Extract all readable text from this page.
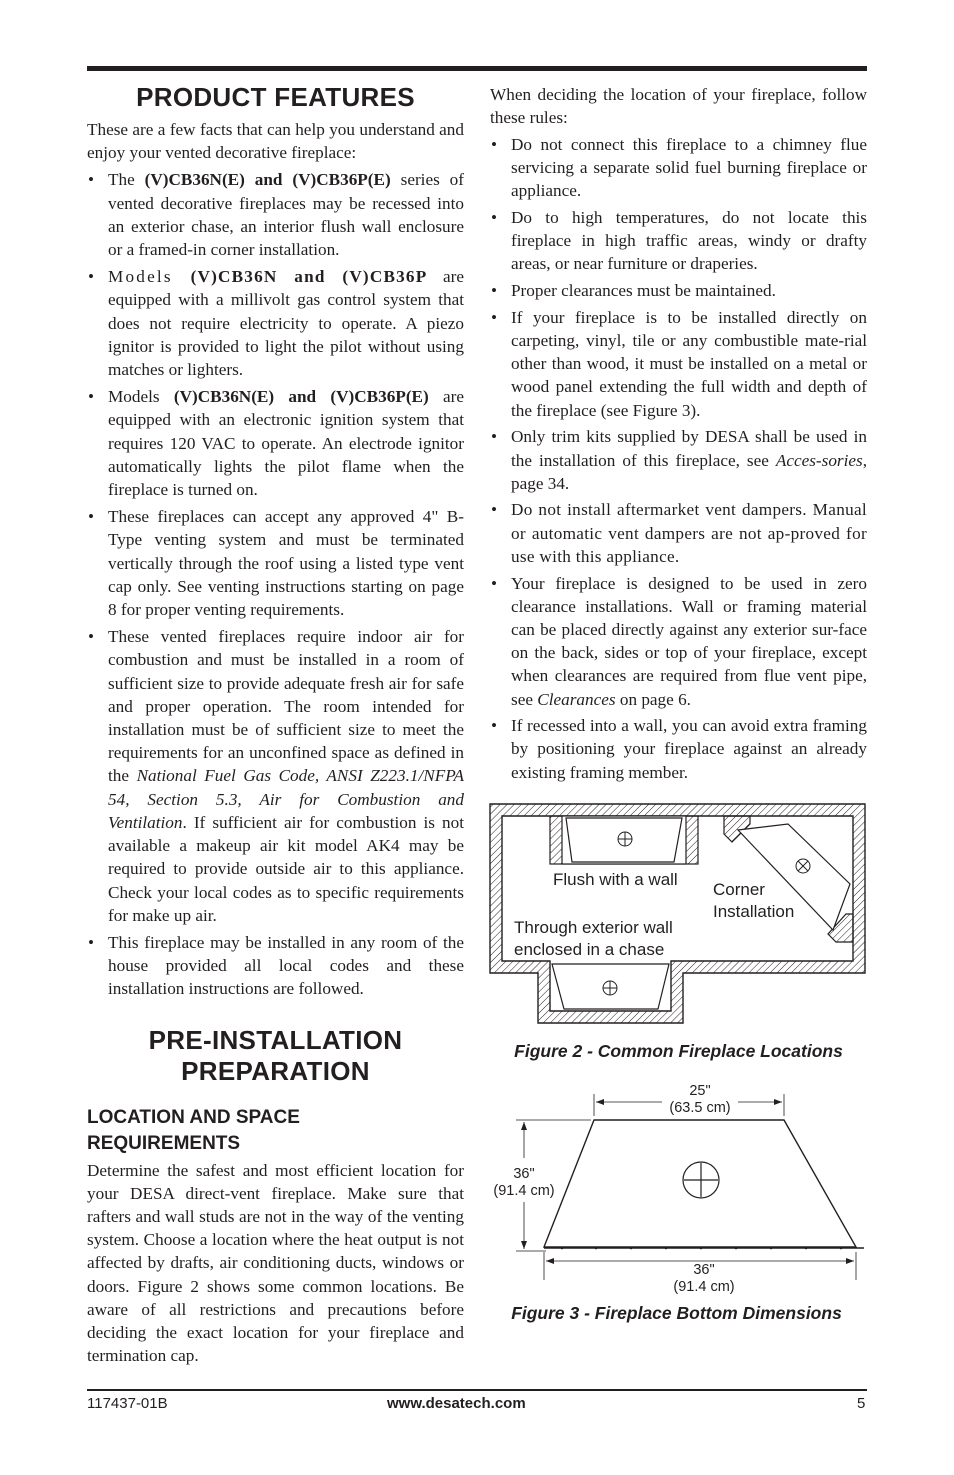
PRODUCT FEATURES

These are a few facts that can help you understand and enjoy your vented decorative fireplace:

• The (V)CB36N(E) and (V)CB36P(E) series of vented decorative fireplaces may be recessed into an exterior chase, an interior flush wall enclosure or a framed-in corner installation.
• Models (V)CB36N and (V)CB36P are equipped with a millivolt gas control system that does not require electricity to operate. A piezo ignitor is provided to light the pilot without using matches or lighters.
• Models (V)CB36N(E) and (V)CB36P(E) are equipped with an electronic ignition system that requires 120 VAC to operate. An electrode ignitor automatically lights the pilot flame when the fireplace is turned on.
• These fireplaces can accept any approved 4" B-Type venting system and must be terminated vertically through the roof using a listed type vent cap only. See venting instructions starting on page 8 for proper venting requirements.
• These vented fireplaces require indoor air for combustion and must be installed in a room of sufficient size to provide adequate fresh air for safe and proper operation. The room intended for installation must be of sufficient size to meet the requirements for an unconfined space as defined in the National Fuel Gas Code, ANSI Z223.1/NFPA 54, Section 5.3, Air for Combustion and Ventilation. If sufficient air for combustion is not available a makeup air kit model AK4 may be required to provide outside air to this appliance. Check your local codes as to specific requirements for make up air.
• This fireplace may be installed in any room of the house provided all local codes and these installation instructions are followed.
PRE-INSTALLATION
PREPARATION
LOCATION AND SPACE
REQUIREMENTS

Determine the safest and most efficient location for your DESA direct-vent fireplace. Make sure that rafters and wall studs are not in the way of the venting system. Choose a location where the heat output is not affected by drafts, air conditioning ducts, windows or doors. Figure 2 shows some common locations. Be aware of all restrictions and precautions before deciding the exact location for your fireplace and termination cap.

When deciding the location of your fireplace, follow these rules:

• Do not connect this fireplace to a chimney flue servicing a separate solid fuel burning fireplace or appliance.
• Do to high temperatures, do not locate this fireplace in high traffic areas, windy or drafty areas, or near furniture or draperies.
• Proper clearances must be maintained.
• If your fireplace is to be installed directly on carpeting, vinyl, tile or any combustible mate-rial other than wood, it must be installed on a metal or wood panel extending the full width and depth of the fireplace (see Figure 3).
• Only trim kits supplied by DESA shall be used in the installation of this fireplace, see Acces-sories, page 34.
• Do not install aftermarket vent dampers. Manual or automatic vent dampers are not ap-proved for use with this appliance.
• Your fireplace is designed to be used in zero clearance installations. Wall or framing material can be placed directly against any exterior sur-face on the back, sides or top of your fireplace, except when clearances are required from flue vent pipe, see Clearances on page 6.
• If recessed into a wall, you can avoid extra framing by positioning your fireplace against an already existing framing member.
Flush with a wall
Corner
Installation
Through exterior wall
enclosed in a chase
Figure 2 - Common Fireplace Locations
25"
(63.5 cm)
36"
(91.4 cm)
36"
(91.4 cm)
Figure 3 - Fireplace Bottom Dimensions
117437-01B	www.desatech.com	5
